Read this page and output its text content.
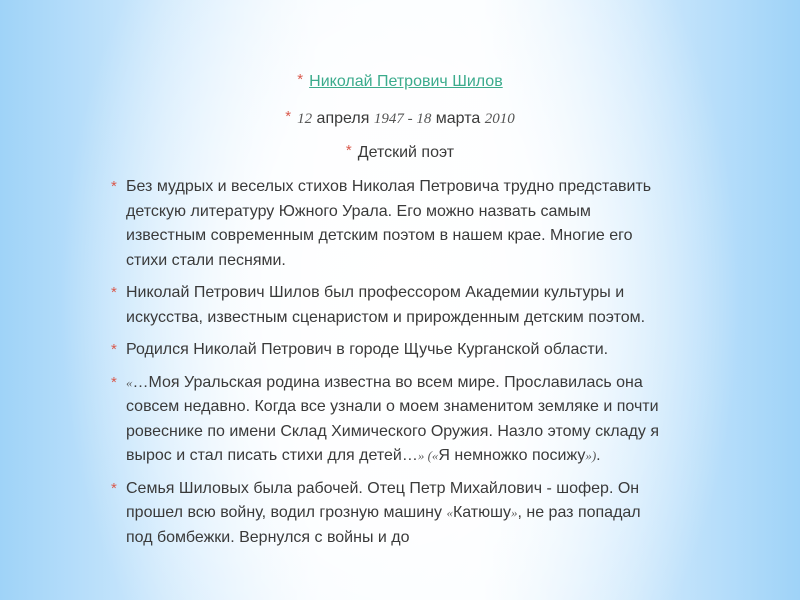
* Николай Петрович Шилов
* 12 апреля 1947 - 18 марта 2010
* Детский поэт
* Без мудрых и веселых стихов Николая Петровича трудно представить детскую литературу Южного Урала. Его можно назвать самым известным современным детским поэтом в нашем крае. Многие его стихи стали песнями.
* Николай Петрович Шилов был профессором Академии культуры и искусства, известным сценаристом и прирожденным детским поэтом.
* Родился Николай Петрович в городе Щучье Курганской области.
* «…Моя Уральская родина известна во всем мире. Прославилась она совсем недавно. Когда все узнали о моем знаменитом земляке и почти ровеснике по имени Склад Химического Оружия. Назло этому складу я вырос и стал писать стихи для детей…» («Я немножко посижу»).
* Семья Шиловых была рабочей. Отец Петр Михайлович - шофер. Он прошел всю войну, водил грозную машину «Катюшу», не раз попадал под бомбежки. Вернулся с войны и до
